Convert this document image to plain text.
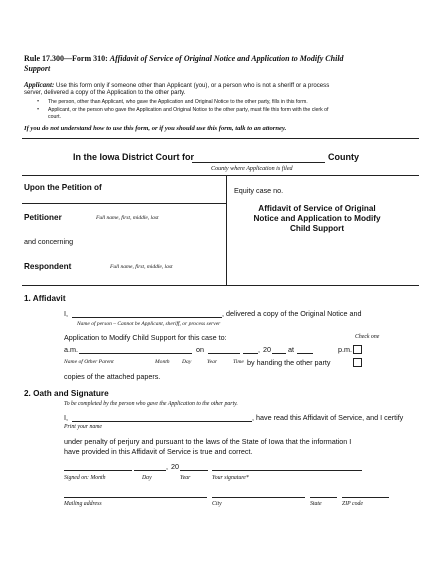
Rule 17.300—Form 310: Affidavit of Service of Original Notice and Application to Modify Child
Support
Applicant: Use this form only if someone other than Applicant (you), or a person who is not a sheriff or a process
server, delivered a copy of the Application to the other party.
• The person, other than Applicant, who gave the Application and Original Notice to the other party, fills in this form.
• Applicant, or the person who gave the Application and Original Notice to the other party, must file this form with the clerk of
court.
If you do not understand how to use this form, or if you should use this form, talk to an attorney.
In the Iowa District Court for	County
County where Application is filed
Upon the Petition of
Petitioner	Full name, first, middle, last
and concerning
Respondent	Full name, first, middle, last
Equity case no.
Affidavit of Service of Original
Notice and Application to Modify
Child Support
1. Affidavit
I,	, delivered a copy of the Original Notice and
Name of person – Cannot be Applicant, sheriff, or process server
Application to Modify Child Support for this case to:	Check one
a.m.	on	, 20 at	p.m.
Name of Other Parent	Month Day	Year	Time by handing the other party
copies of the attached papers.
2. Oath and Signature
To be completed by the person who gave the Application to the other party.
I,	, have read this Affidavit of Service, and I certify
Print your name
under penalty of perjury and pursuant to the laws of the State of Iowa that the information I
have provided in this Affidavit of Service is true and correct.
, 20
Signed on: Month	Day	Year	Your signature*
Mailing address	City	State	ZIP code
